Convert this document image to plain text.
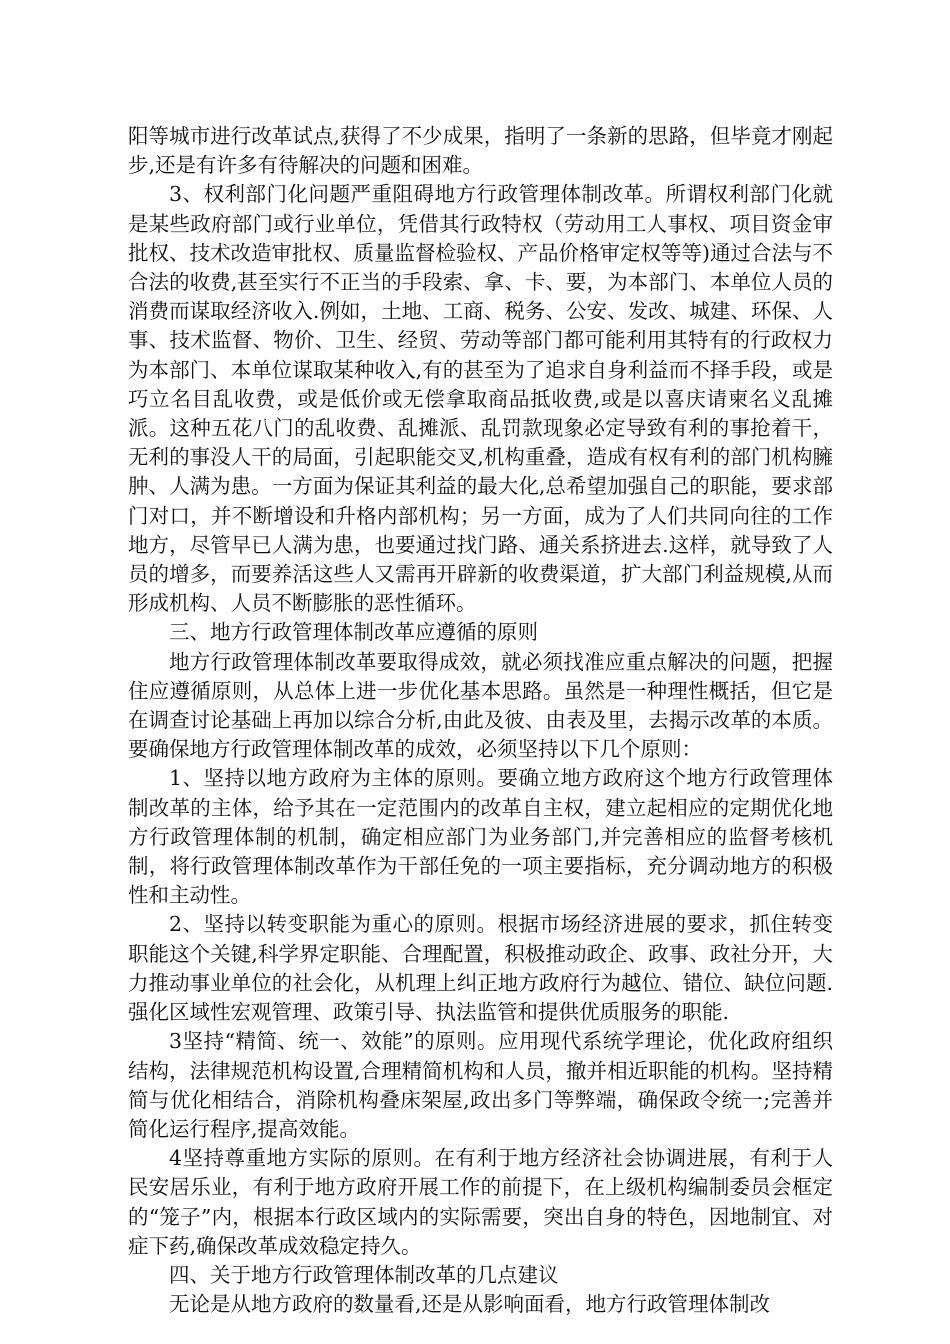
阳等城市进行改革试点,获得了不少成果，指明了一条新的思路，但毕竟才刚起步,还是有许多有待解决的问题和困难。

3、权利部门化问题严重阻碍地方行政管理体制改革。所谓权利部门化就是某些政府部门或行业单位，凭借其行政特权（劳动用工人事权、项目资金审批权、技术改造审批权、质量监督检验权、产品价格审定权等等)通过合法与不合法的收费,甚至实行不正当的手段索、拿、卡、要，为本部门、本单位人员的消费而谋取经济收入.例如，土地、工商、税务、公安、发改、城建、环保、人事、技术监督、物价、卫生、经贸、劳动等部门都可能利用其特有的行政权力为本部门、本单位谋取某种收入,有的甚至为了追求自身利益而不择手段，或是巧立名目乱收费，或是低价或无偿拿取商品抵收费,或是以喜庆请柬名义乱摊派。这种五花八门的乱收费、乱摊派、乱罚款现象必定导致有利的事抢着干，无利的事没人干的局面，引起职能交叉,机构重叠，造成有权有利的部门机构臃肿、人满为患。一方面为保证其利益的最大化,总希望加强自己的职能，要求部门对口，并不断增设和升格内部机构；另一方面，成为了人们共同向往的工作地方，尽管早已人满为患，也要通过找门路、通关系挤进去.这样，就导致了人员的增多，而要养活这些人又需再开辟新的收费渠道，扩大部门利益规模,从而形成机构、人员不断膨胀的恶性循环。

三、地方行政管理体制改革应遵循的原则

地方行政管理体制改革要取得成效，就必须找准应重点解决的问题，把握住应遵循原则，从总体上进一步优化基本思路。虽然是一种理性概括，但它是在调查讨论基础上再加以综合分析,由此及彼、由表及里，去揭示改革的本质。要确保地方行政管理体制改革的成效，必须坚持以下几个原则：

1、坚持以地方政府为主体的原则。要确立地方政府这个地方行政管理体制改革的主体，给予其在一定范围内的改革自主权，建立起相应的定期优化地方行政管理体制的机制，确定相应部门为业务部门,并完善相应的监督考核机制，将行政管理体制改革作为干部任免的一项主要指标，充分调动地方的积极性和主动性。

2、坚持以转变职能为重心的原则。根据市场经济进展的要求，抓住转变职能这个关键,科学界定职能、合理配置，积极推动政企、政事、政社分开，大力推动事业单位的社会化，从机理上纠正地方政府行为越位、错位、缺位问题.强化区域性宏观管理、政策引导、执法监管和提供优质服务的职能.

3坚持“精简、统一、效能”的原则。应用现代系统学理论，优化政府组织结构，法律规范机构设置,合理精简机构和人员，撤并相近职能的机构。坚持精简与优化相结合，消除机构叠床架屋,政出多门等弊端，确保政令统一;完善并简化运行程序,提高效能。

4坚持尊重地方实际的原则。在有利于地方经济社会协调进展，有利于人民安居乐业，有利于地方政府开展工作的前提下，在上级机构编制委员会框定的“笼子”内，根据本行政区域内的实际需要，突出自身的特色，因地制宜、对症下药,确保改革成效稳定持久。

四、关于地方行政管理体制改革的几点建议

无论是从地方政府的数量看,还是从影响面看，地方行政管理体制改
